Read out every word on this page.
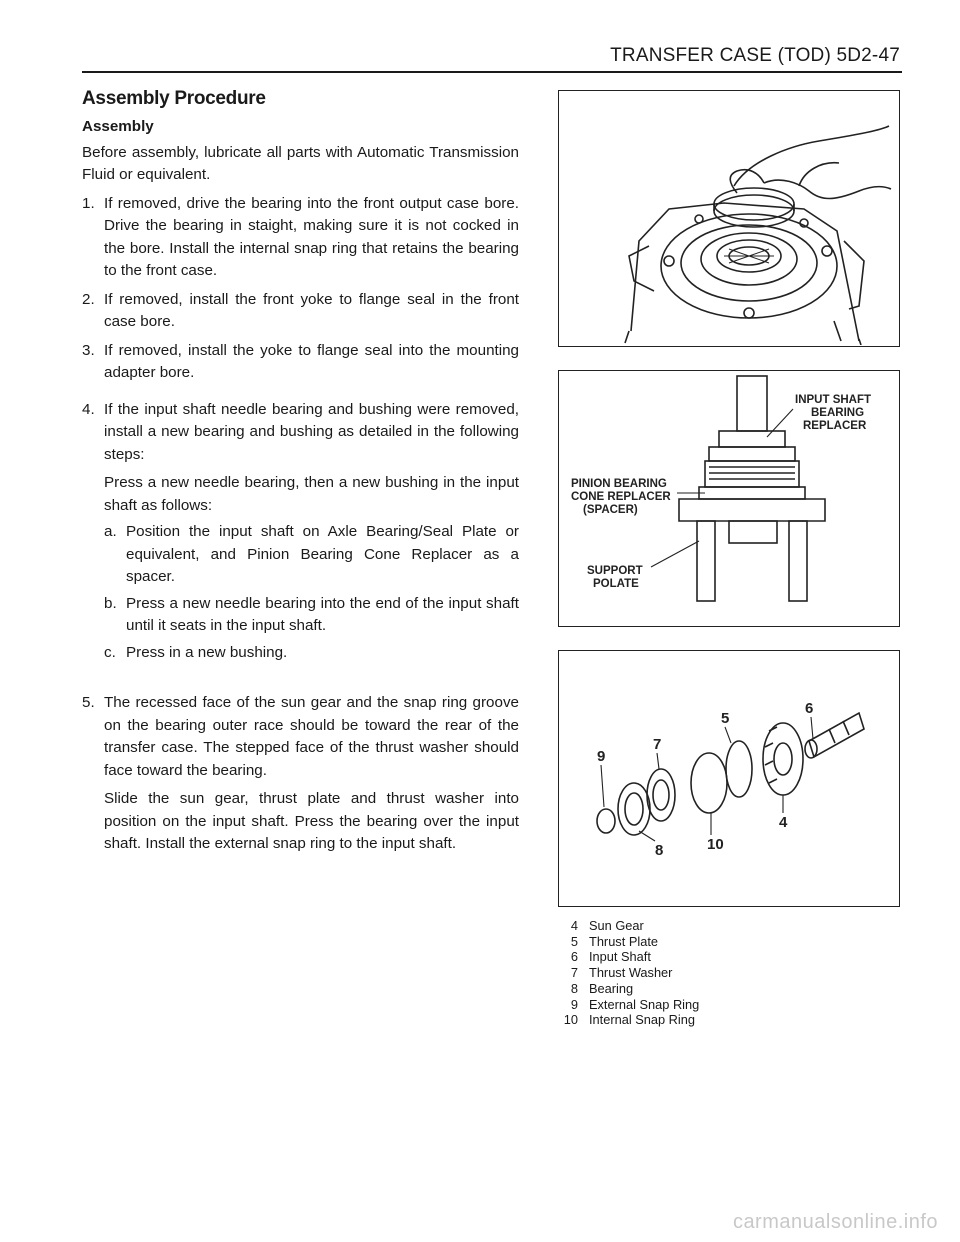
TRANSFER CASE (TOD) 5D2-47
Assembly Procedure
Assembly

Before assembly, lubricate all parts with Automatic Transmission Fluid or equivalent.

1. If removed, drive the bearing into the front output case bore. Drive the bearing in staight, making sure it is not cocked in the bore. Install the internal snap ring that retains the bearing to the front case.

2. If removed, install the front yoke to flange seal in the front case bore.

3. If removed, install the yoke to flange seal into the mounting adapter bore.

4. If the input shaft needle bearing and bushing were removed, install a new bearing and bushing as detailed in the following steps:

Press a new needle bearing, then a new bushing in the input shaft as follows:

a. Position the input shaft on Axle Bearing/Seal Plate or equivalent, and Pinion Bearing Cone Replacer as a spacer.
b. Press a new needle bearing into the end of the input shaft until it seats in the input shaft.
c. Press in a new bushing.
5. The recessed face of the sun gear and the snap ring groove on the bearing outer race should be toward the rear of the transfer case. The stepped face of the thrust washer should face toward the bearing.

Slide the sun gear, thrust plate and thrust washer into position on the input shaft. Press the bearing over the input shaft. Install the external snap ring to the input shaft.

INPUT SHAFT
BEARING
REPLACER
PINION BEARING
CONE REPLACER
(SPACER)
SUPPORT
POLATE
9
7
5
6
4
8	10
4 Sun Gear
5 Thrust Plate
6 Input Shaft
7 Thrust Washer
8 Bearing
9 External Snap Ring
10 Internal Snap Ring
carmanualsonline.info
